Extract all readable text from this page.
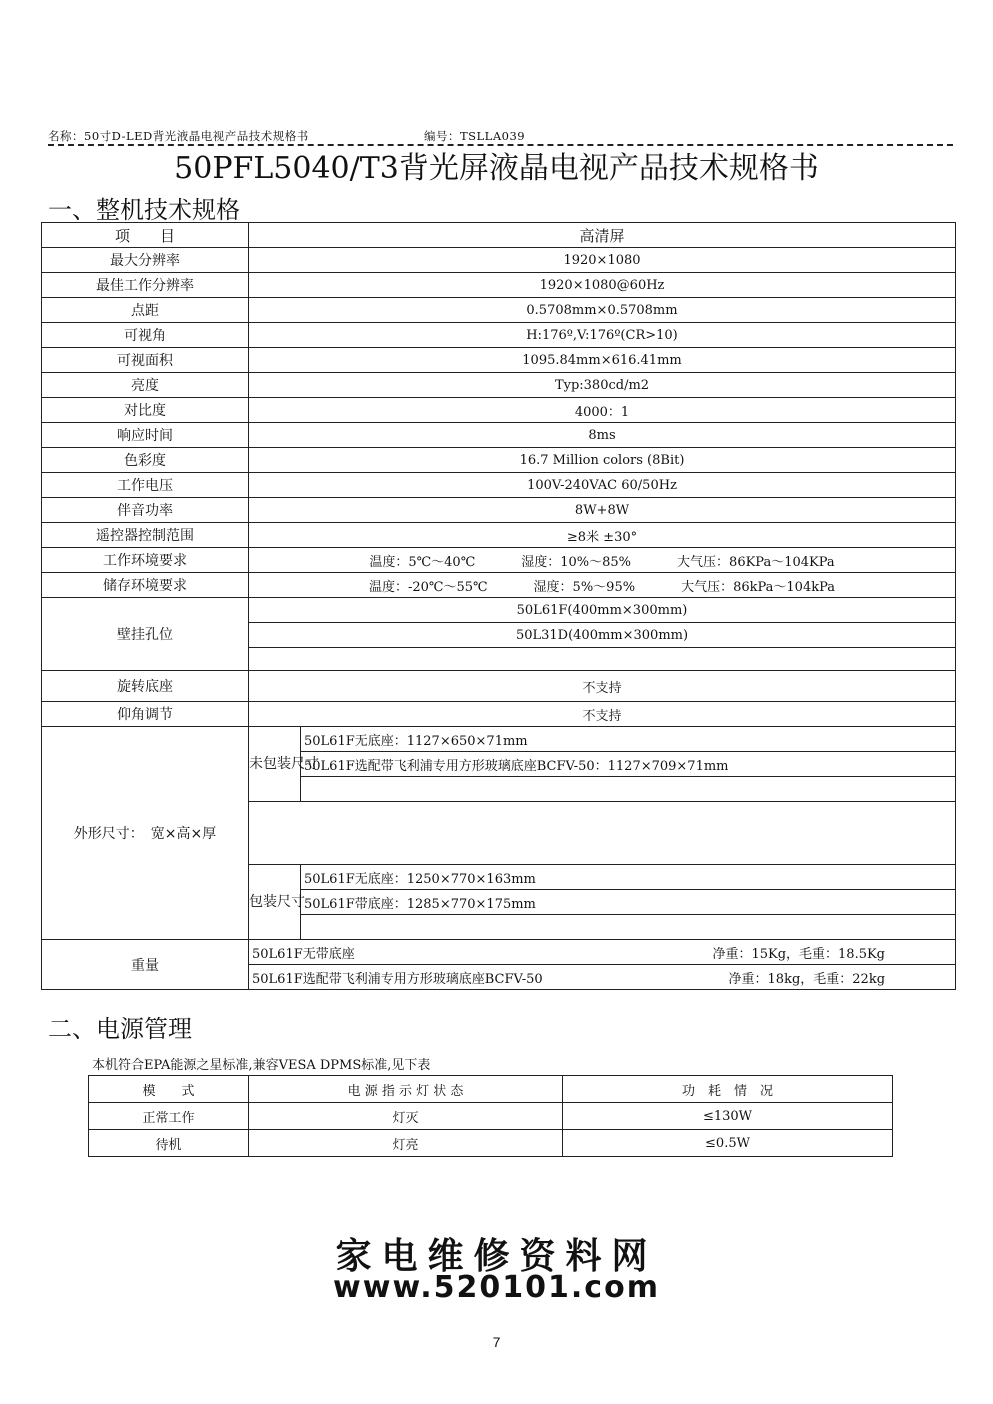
名称：50寸D-LED背光液晶电视产品技术规格书	编号：TSLLA039
50PFL5040/T3背光屏液晶电视产品技术规格书
一、整机技术规格
项　　目	高清屏	
最大分辨率	1920×1080	
最佳工作分辨率	1920×1080@60Hz	
点距	0.5708mm×0.5708mm	
可视角	H:176º,V:176º(CR>10)	
可视面积	1095.84mm×616.41mm	
亮度	Typ:380cd/m2	
对比度	4000：1	
响应时间	8ms	
色彩度	16.7 Million colors (8Bit)	
工作电压	100V-240VAC 60/50Hz	
伴音功率	8W+8W	
遥控器控制范围	≥8米 ±30°	
工作环境要求	温度：5℃～40℃ 湿度：10%～85% 大气压：86KPa～104KPa	

储存环境要求	温度：-20℃～55℃ 湿度：5%～95% 大气压：86kPa～104kPa	

壁挂孔位	50L61F(400mm×300mm)	
	50L31D(400mm×300mm)	

旋转底座	不支持	
仰角调节	不支持	
外形尺寸：　宽×高×厚	未包装尺寸	50L61F无底座：1127×650×71mm
		50L61F选配带飞利浦专用方形玻璃底座BCFV-50：1127×709×71mm

	包装尺寸	50L61F无底座：1250×770×163mm
		50L61F带底座：1285×770×175mm

重量	50L61F无带底座 净重：15Kg，毛重：18.5Kg	

	50L61F选配带飞利浦专用方形玻璃底座BCFV-50 净重：18kg，毛重：22kg	
二、电源管理
本机符合EPA能源之星标准,兼容VESA DPMS标准,见下表
模　　式	电 源 指 示 灯 状 态	功　耗　情　况
正常工作	灯灭	≤130W
待机	灯亮	≤0.5W
家电维修资料网
www.520101.com
7
